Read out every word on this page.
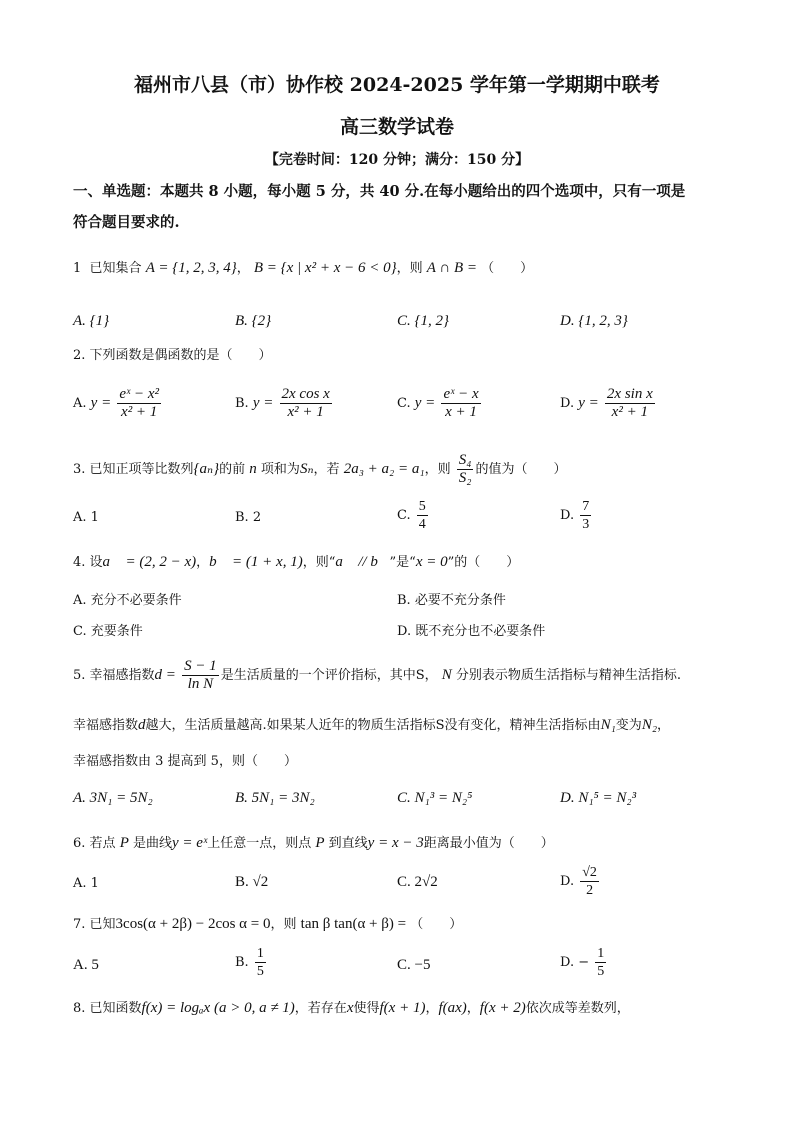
福州市八县（市）协作校 2024-2025 学年第一学期期中联考
高三数学试卷
【完卷时间：120 分钟；满分：150 分】
一、单选题：本题共 8 小题，每小题 5 分，共 40 分.在每小题给出的四个选项中，只有一项是
符合题目要求的.
1 已知集合 A = {1, 2, 3, 4}， B = {x | x² + x − 6 < 0}，则 A ∩ B = （　　）
A. {1}	B. {2}	C. {1, 2}	D. {1, 2, 3}
2. 下列函数是偶函数的是（　　）
A. $y = \frac{\text{eˣ − x²}}{\text{x² + 1}}$	B. $y = \frac{\text{2x cos x}}{\text{x² + 1}}$	C. $y = \frac{\text{eˣ − x}}{x + 1}$	D. $y = \frac{\text{2x sin x}}{\text{x² + 1}}$
3. 已知正项等比数列{aₙ}的前 n 项和为Sₙ，若 2a₃ + a₂ = a₁，则 $\frac{\text{S₄}}{\text{S₂}}$ 的值为（　　）
A. 1	B. 2	C. $\frac{5}{4}$	D. $\frac{7}{3}$
4. 设a⃗ = (2, 2 − x)，b⃗ = (1 + x, 1)，则“a⃗ // b⃗”是“x = 0”的（　　）
A. 充分不必要条件	B. 必要不充分条件
C. 充要条件	D. 既不充分也不必要条件
5. 幸福感指数$d = \frac{S - 1}{\text{ln N}}$ 是生活质量的一个评价指标，其中S， N 分别表示物质生活指标与精神生活指标.
幸福感指数d越大，生活质量越高.如果某人近年的物质生活指标S没有变化，精神生活指标由N₁变为N₂，
幸福感指数由 3 提高到 5，则（　　）
A. 3N₁ = 5N₂	B. 5N₁ = 3N₂	C. N₁³ = N₂⁵	D. N₁⁵ = N₂³
6. 若点 P 是曲线y = eˣ上任意一点，则点 P 到直线y = x − 3距离最小值为（　　）
A. 1	B. √2	C. 2√2	D. $\frac{√2}{2}$
7. 已知3cos(α + 2β) − 2cos α = 0，则 tan β tan(α + β) = （　　）
A. 5	B. $\frac{1}{5}$	C. −5	D. − $\frac{1}{5}$
8. 已知函数f(x) = logₐx (a > 0, a ≠ 1)，若存在x使得f(x + 1)，f(ax)，f(x + 2)依次成等差数列，
